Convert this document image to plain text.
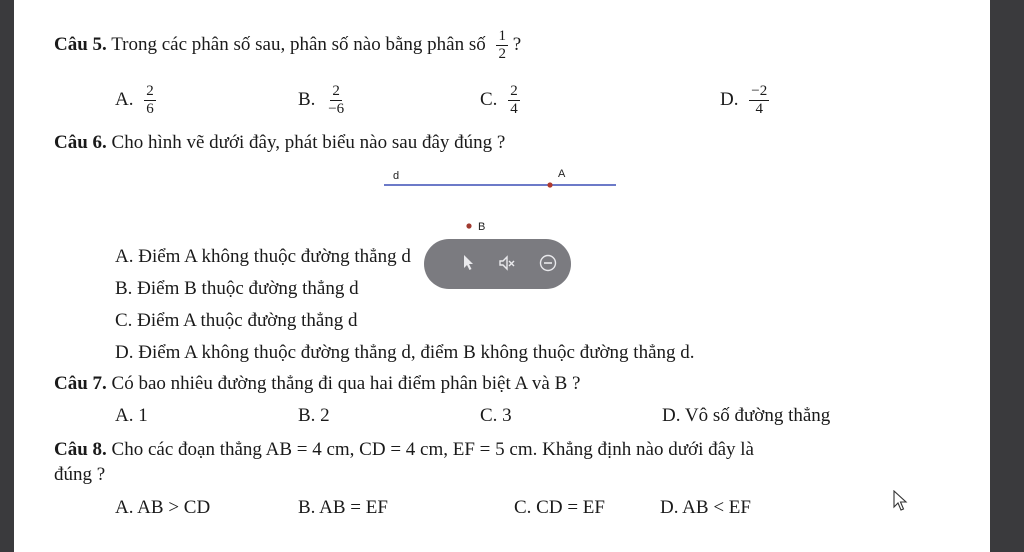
Câu 5. Trong các phân số sau, phân số nào bằng phân số $\frac{1}{2}$ ?
A. $\frac{2}{6}$	B. $\frac{2}{-6}$	C. $\frac{2}{4}$	D. $\frac{-2}{4}$
Câu 6. Cho hình vẽ dưới đây, phát biểu nào sau đây đúng ?
d	A
B
A. Điểm A không thuộc đường thẳng d
B. Điểm B thuộc đường thẳng d
C. Điểm A thuộc đường thẳng d
D. Điểm A không thuộc đường thẳng d, điểm B không thuộc đường thẳng d.
Câu 7. Có bao nhiêu đường thẳng đi qua hai điểm phân biệt A và B ?
A. 1	B. 2	C. 3	D. Vô số đường thẳng
Câu 8. Cho các đoạn thẳng AB = 4 cm, CD = 4 cm, EF = 5 cm. Khẳng định nào dưới đây là
đúng ?
A. AB > CD	B. AB = EF	C. CD = EF	D. AB < EF
